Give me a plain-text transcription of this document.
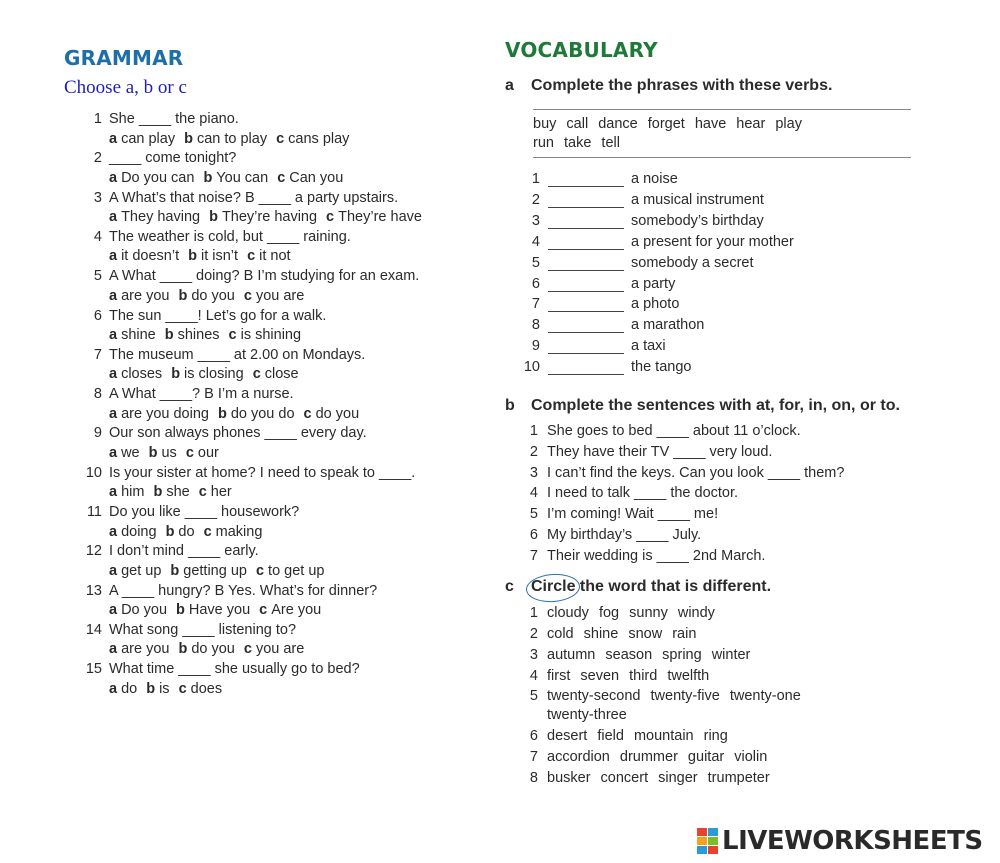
GRAMMAR
Choose a, b or c
1 She ____ the piano.
a can play b can to play c cans play
2 ____ come tonight?
a Do you can b You can c Can you
3 A What’s that noise? B ____ a party upstairs.
a They having b They’re having c They’re have
4 The weather is cold, but ____ raining.
a it doesn’t b it isn’t c it not
5 A What ____ doing? B I’m studying for an exam.
a are you b do you c you are
6 The sun ____! Let’s go for a walk.
a shine b shines c is shining
7 The museum ____ at 2.00 on Mondays.
a closes b is closing c close
8 A What ____? B I’m a nurse.
a are you doing b do you do c do you
9 Our son always phones ____ every day.
a we b us c our
10 Is your sister at home? I need to speak to ____.
a him b she c her
11 Do you like ____ housework?
a doing b do c making
12 I don’t mind ____ early.
a get up b getting up c to get up
13 A ____ hungry? B Yes. What’s for dinner?
a Do you b Have you c Are you
14 What song ____ listening to?
a are you b do you c you are
15 What time ____ she usually go to bed?
a do b is c does
VOCABULARY
a Complete the phrases with these verbs.
buy call dance forget have hear play
run take tell
1	a noise
2	a musical instrument
3	somebody’s birthday
4	a present for your mother
5	somebody a secret
6	a party
7	a photo
8	a marathon
9	a taxi
10	the tango
b Complete the sentences with at, for, in, on, or to.
1 She goes to bed ____ about 11 o’clock.
2 They have their TV ____ very loud.
3 I can’t find the keys. Can you look ____ them?
4 I need to talk ____ the doctor.
5 I’m coming! Wait ____ me!
6 My birthday’s ____ July.
7 Their wedding is ____ 2nd March.
c Circle the word that is different.
1 cloudy fog sunny windy
2 cold shine snow rain
3 autumn season spring winter
4 first seven third twelfth
5 twenty-second twenty-five twenty-one
twenty-three
6 desert field mountain ring
7 accordion drummer guitar violin
8 busker concert singer trumpeter
LIVEWORKSHEETS
